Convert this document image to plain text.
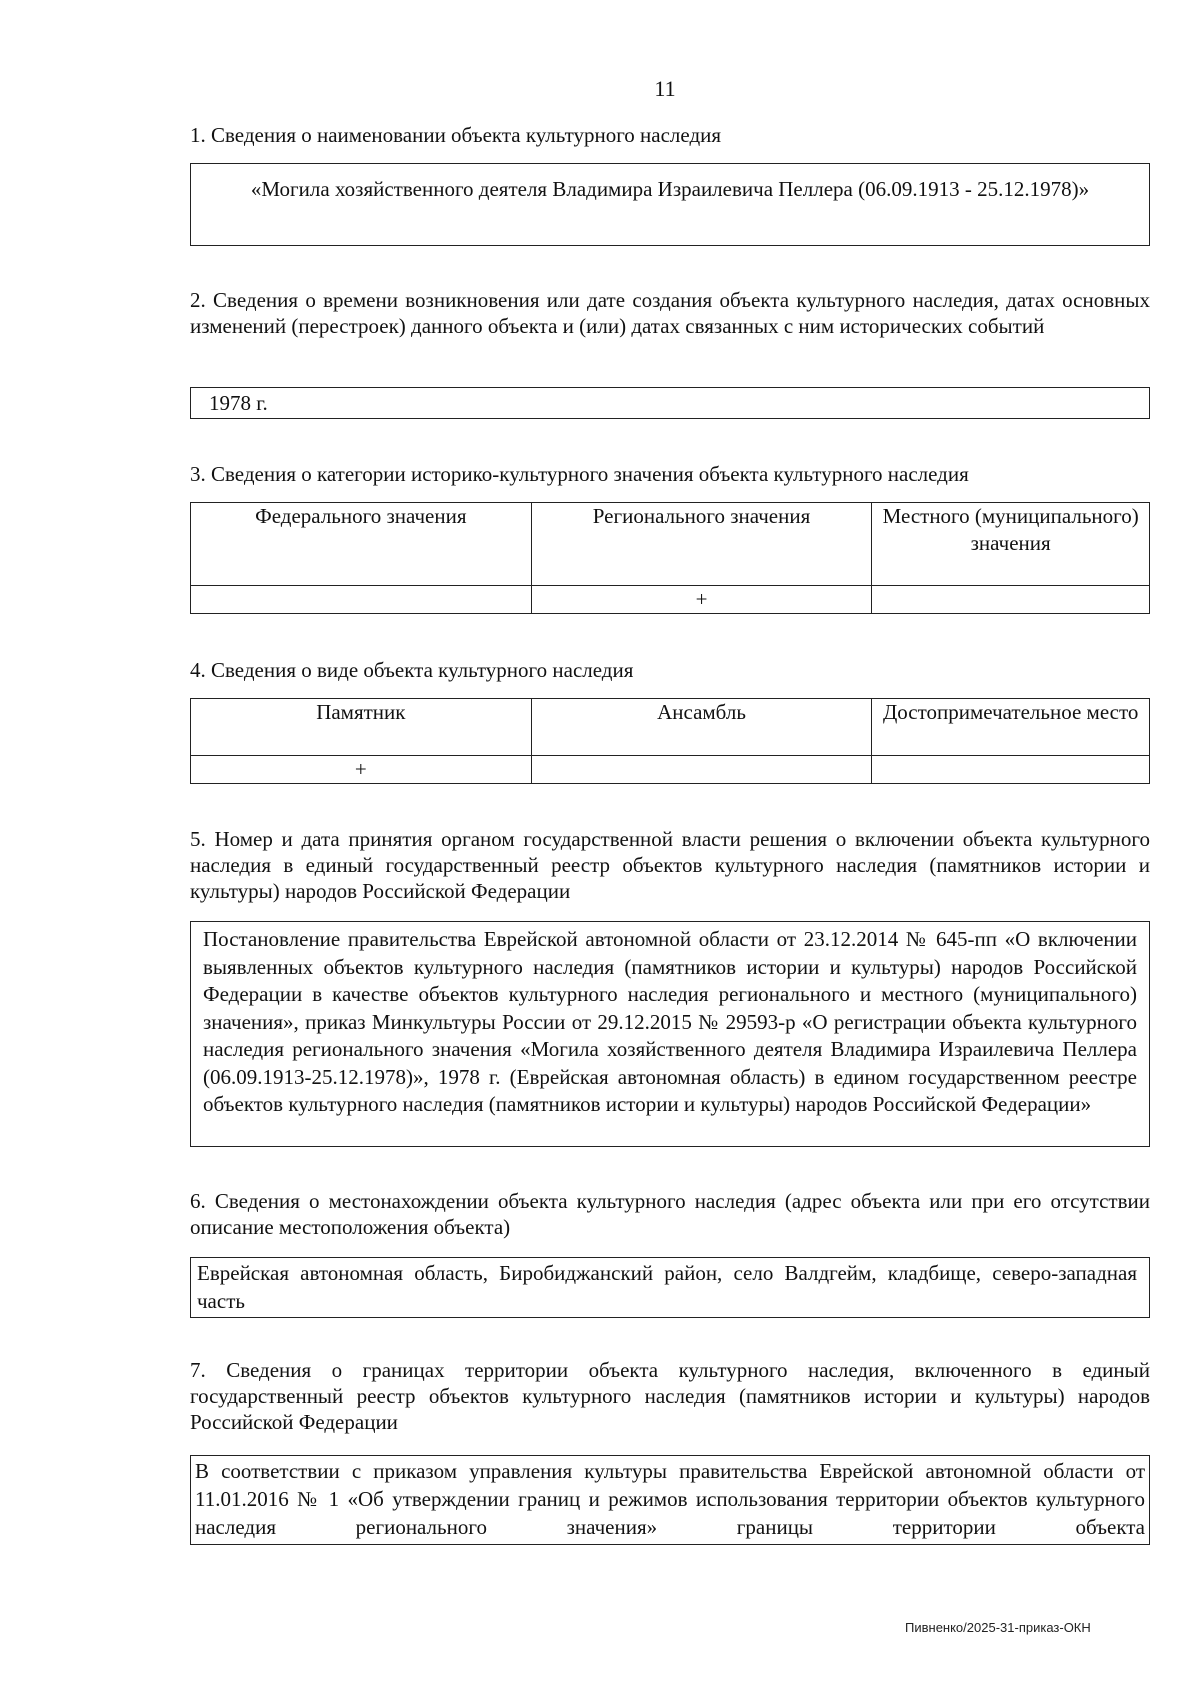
11
1. Сведения о наименовании объекта культурного наследия
«Могила хозяйственного деятеля Владимира Израилевича Пеллера (06.09.1913 - 25.12.1978)»
2. Сведения о времени возникновения или дате создания объекта культурного наследия, датах основных изменений (перестроек) данного объекта и (или) датах связанных с ним исторических событий
1978 г.
3. Сведения о категории историко-культурного значения объекта культурного наследия
Федерального значения	Регионального значения	Местного (муниципального) значения
	+	
4. Сведения о виде объекта культурного наследия
Памятник	Ансамбль	Достопримечательное место
+		
5. Номер и дата принятия органом государственной власти решения о включении объекта культурного наследия в единый государственный реестр объектов культурного наследия (памятников истории и культуры) народов Российской Федерации
Постановление правительства Еврейской автономной области от 23.12.2014 № 645-пп «О включении выявленных объектов культурного наследия (памятников истории и культуры) народов Российской Федерации в качестве объектов культурного наследия регионального и местного (муниципального) значения», приказ Минкультуры России от 29.12.2015 № 29593-р «О регистрации объекта культурного наследия регионального значения «Могила хозяйственного деятеля Владимира Израилевича Пеллера (06.09.1913-25.12.1978)», 1978 г. (Еврейская автономная область) в едином государственном реестре объектов культурного наследия (памятников истории и культуры) народов Российской Федерации»
6. Сведения о местонахождении объекта культурного наследия (адрес объекта или при его отсутствии описание местоположения объекта)
Еврейская автономная область, Биробиджанский район, село Валдгейм, кладбище, северо-западная часть
7. Сведения о границах территории объекта культурного наследия, включенного в единый государственный реестр объектов культурного наследия (памятников истории и культуры) народов Российской Федерации
В соответствии с приказом управления культуры правительства Еврейской автономной области от 11.01.2016 № 1 «Об утверждении границ и режимов использования территории объектов культурного наследия регионального значения» границы территории объекта
Пивненко/2025-31-приказ-ОКН
